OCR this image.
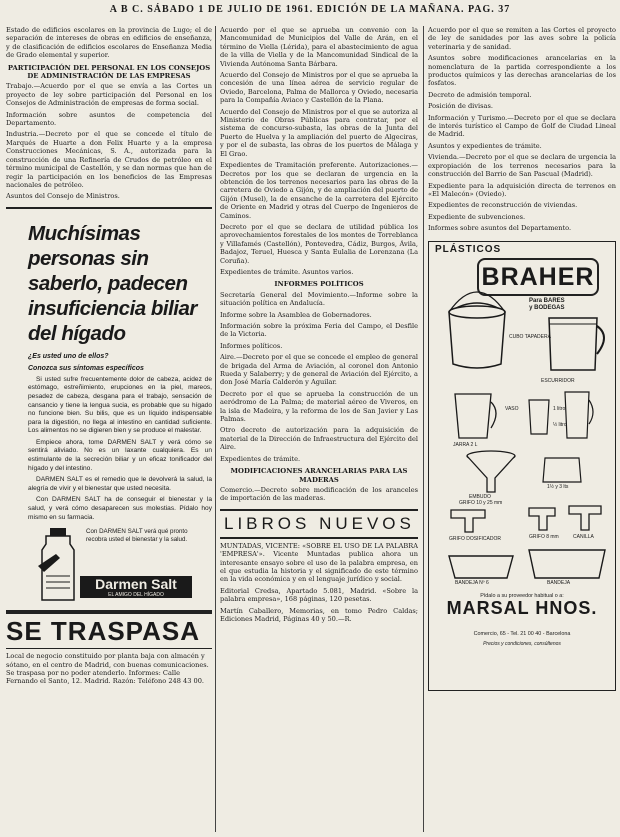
A B C. SÁBADO 1 DE JULIO DE 1961. EDICIÓN DE LA MAÑANA. PAG. 37

Estado de edificios escolares en la provincia de Lugo; el de separación de intereses de obras en edificios de enseñanza, y de clasificación de edificios escolares de Enseñanza Media de Grado elemental y superior.

PARTICIPACIÓN DEL PERSONAL EN LOS CONSEJOS DE ADMINISTRACIÓN DE LAS EMPRESAS

Trabajo.—Acuerdo por el que se envía a las Cortes un proyecto de ley sobre participación del Personal en los Consejos de Administración de empresas de forma social.

Información sobre asuntos de competencia del Departamento.

Industria.—Decreto por el que se concede el título de Marqués de Huarte a don Felix Huarte y a la empresa Construcciones Mecánicas, S. A., autorizada para la construcción de una Refinería de Crudos de petróleo en el término municipal de Castellón, y se dan normas que han de regir la participación en los beneficios de las Empresas nacionales de petróleo.

Asuntos del Consejo de Ministros.

Muchísimas personas sin saberlo, padecen insuficiencia biliar del hígado
¿Es usted uno de ellos?
Conozca sus síntomas específicos

Si usted sufre frecuentemente dolor de cabeza, acidez de estómago, estreñimiento, erupciones en la piel, mareos, pesadez de cabeza, desgana para el trabajo, sensación de cansancio y tiene la lengua sucia, es probable que su hígado no funcione bien. Su bilis, que es un líquido indispensable para la digestión, no llega al intestino en cantidad suficiente. Los alimentos no se digieren bien y se produce el malestar.

Empiece ahora, tome DARMEN SALT y verá cómo se sentirá aliviado. No es un laxante cualquiera. Es un estimulante de la secreción biliar y un eficaz tonificador del hígado y del intestino.

DARMEN SALT es el remedio que le devolverá la salud, la alegría de vivir y el bienestar que usted necesita.

Con DARMEN SALT ha de conseguir el bienestar y la salud, y verá cómo desaparecen sus molestias. Pídalo hoy mismo en su farmacia.

Con DARMEN SALT verá qué pronto recobra usted el bienestar y la salud.
Darmen Salt
EL AMIGO DEL HÍGADO
SE TRASPASA
Local de negocio constituido por planta baja con almacén y sótano, en el centro de Madrid, con buenas comunicaciones. Se traspasa por no poder atenderlo. Informes: Calle Fernando el Santo, 12. Madrid. Razón: Teléfono 248 43 00.

Acuerdo por el que se aprueba un convenio con la Mancomunidad de Municipios del Valle de Arán, en el término de Viella (Lérida), para el abastecimiento de agua de la villa de Viella y de la Mancomunidad Sindical de la Vivienda Autónoma Santa Bárbara.

Acuerdo del Consejo de Ministros por el que se aprueba la concesión de una línea aérea de servicio regular de Oviedo, Barcelona, Palma de Mallorca y Oviedo, necesaria para la Compañía Aviaco y Castellón de la Plana.

Acuerdo del Consejo de Ministros por el que se autoriza al Ministerio de Obras Públicas para contratar, por el sistema de concurso-subasta, las obras de la Junta del Puerto de Huelva y la ampliación del puerto de Algeciras, y por el de subasta, las obras de los puertos de Málaga y El Grao.

Expedientes de Tramitación preferente. Autorizaciones.—Decretos por los que se declaran de urgencia en la obtención de los terrenos necesarios para las obras de la carretera de Oviedo a Gijón, y de ampliación del puerto de Gijón (Musel), la de ensanche de la carretera del Ejército de Oriente en Madrid y otras del Cuerpo de Ingenieros de Caminos.

Decreto por el que se declara de utilidad pública los aprovechamientos forestales de los montes de Torreblanca y Villafamés (Castellón), Pontevedra, Cádiz, Burgos, Ávila, Badajoz, Teruel, Huesca y Santa Eulalia de Lorenzana (La Coruña).

Expedientes de trámite. Asuntos varios.

INFORMES POLÍTICOS

Secretaría General del Movimiento.—Informe sobre la situación política en Andalucía.

Informe sobre la Asamblea de Gobernadores.

Información sobre la próxima Feria del Campo, el Desfile de la Victoria.

Informes políticos.

Aire.—Decreto por el que se concede el empleo de general de brigada del Arma de Aviación, al coronel don Antonio Rueda y Salaberry; y de general de Aviación del Ejército, a don José María Calderón y Aguilar.

Decreto por el que se aprueba la construcción de un aeródromo de La Palma; de material aéreo de Viveros, en la isla de Madeira, y la reforma de los de San Javier y Las Palmas.

Otro decreto de autorización para la adquisición de material de la Dirección de Infraestructura del Ejército del Aire.

Expedientes de trámite.

MODIFICACIONES ARANCELARIAS PARA LAS MADERAS

Comercio.—Decreto sobre modificación de los aranceles de importación de las maderas.

LIBROS NUEVOS

MUNTADAS, VICENTE: «SOBRE EL USO DE LA PALABRA 'EMPRESA'». Vicente Muntadas publica ahora un interesante ensayo sobre el uso de la palabra empresa, en el que estudia la historia y el significado de este término en la vida económica y en el lenguaje jurídico y social.

Editorial Credsa, Apartado 5.081, Madrid. «Sobre la palabra empresa», 168 páginas, 120 pesetas.

Martín Caballero, Memorias, en tomo Pedro Caldas; Ediciones Madrid, Páginas 40 y 50.—R.

Acuerdo por el que se remiten a las Cortes el proyecto de ley de sanidades por las aves sobre la policía veterinaria y de sanidad.

Asuntos sobre modificaciones arancelarias en la nomenclatura de la partida correspondiente a los productos químicos y las derechas arancelarias de los fosfatos.

Decreto de admisión temporal.

Posición de divisas.

Información y Turismo.—Decreto por el que se declara de interés turístico el Campo de Golf de Ciudad Lineal de Madrid.

Asuntos y expedientes de trámite.

Vivienda.—Decreto por el que se declara de urgencia la expropiación de los terrenos necesarios para la construcción del Barrio de San Pascual (Madrid).

Expediente para la adquisición directa de terrenos en «El Malecón» (Oviedo).

Expedientes de reconstrucción de viviendas.

Expediente de subvenciones.

Informes sobre asuntos del Departamento.

PLÁSTICOS
BRAHER
Para BARES
y BODEGAS
CUBO TAPADERA
ESCURRIDOR
JARRA 2 L
VASO	1 litro
½ litro
EMBUDO
1½ y 3 lts
GRIFO 10 y 25 mm
GRIFO DOSIFICADOR	GRIFO 8 mm	CANILLA
BANDEJA Nº 6	BANDEJA
Pídalo a su proveedor habitual o a:
MARSAL HNOS.
Comercio, 65 - Tel. 21 00 40 - Barcelona
Precios y condiciones, consúltenos
